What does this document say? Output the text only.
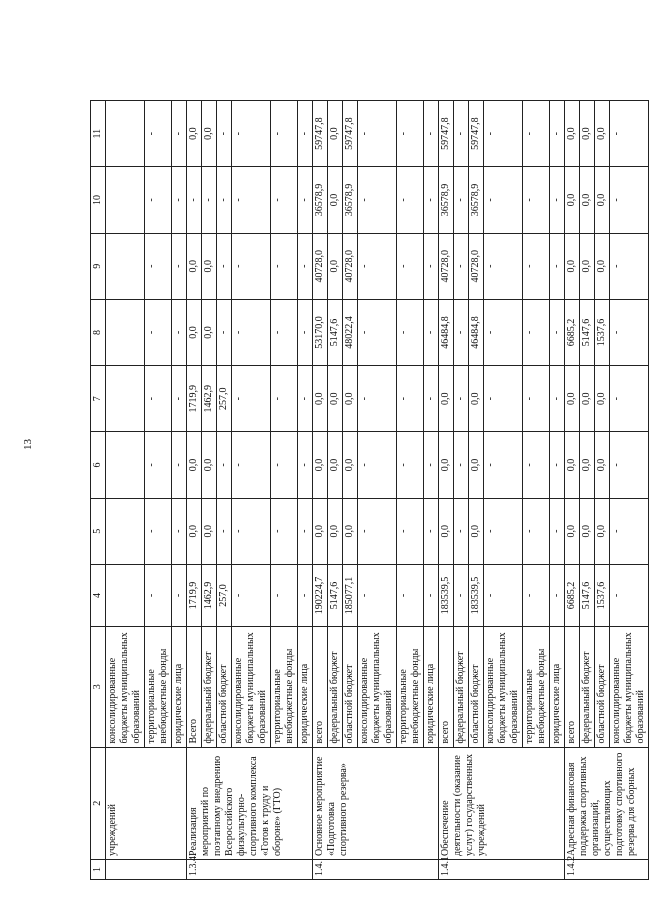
13
1	2	3	4	5	6	7	8	9	10	11
	учреждений	консолидированные бюджеты муниципальных образований								
		территориальные внебюджетные фонды	-	-	-	-	-	-	-	-
		юридические лица	-	-	-	-	-	-	-	-
1.3.4.	Реализация мероприятий по поэтапному внедрению Всероссийского физкультурно-спортивного комплекса «Готов к труду и обороне» (ГТО)	Всего	1719,9	0,0	0,0	1719,9	0,0	0,0	-	0,0
		федеральный бюджет	1462,9	0,0	0,0	1462,9	0,0	0,0	-	0,0
		областной бюджет	257,0	-	-	257,0	-	-	-	-
		консолидированные бюджеты муниципальных образований	-	-	-	-	-	-	-	-
		территориальные внебюджетные фонды	-	-	-	-	-	-	-	-
		юридические лица	-	-	-	-	-	-	-	-
1.4.	Основное мероприятие «Подготовка спортивного резерва»	всего	190224,7	0,0	0,0	0,0	53170,0	40728,0	36578,9	59747,8
		федеральный бюджет	5147,6	0,0	0,0	0,0	5147,6	0,0	0,0	0,0
		областной бюджет	185077,1	0,0	0,0	0,0	48022,4	40728,0	36578,9	59747,8
		консолидированные бюджеты муниципальных образований	-	-	-	-	-	-	-	-
		территориальные внебюджетные фонды	-	-	-	-	-	-	-	-
		юридические лица	-	-	-	-	-	-	-	-
1.4.1	Обеспечение деятельности (оказание услуг) государственных учреждений	всего	183539,5	0,0	0,0	0,0	46484,8	40728,0	36578,9	59747,8
		федеральный бюджет	-	-	-	-	-	-	-	-
		областной бюджет	183539,5	0,0	0,0	0,0	46484,8	40728,0	36578,9	59747,8
		консолидированные бюджеты муниципальных образований	-	-	-	-	-	-	-	-
		территориальные внебюджетные фонды	-	-	-	-	-	-	-	-
		юридические лица	-	-	-	-	-	-	-	-
1.4.2	Адресная финансовая поддержка спортивных организаций, осуществляющих подготовку спортивного резерва для сборных	всего	6685,2	0,0	0,0	0,0	6685,2	0,0	0,0	0,0
		федеральный бюджет	5147,6	0,0	0,0	0,0	5147,6	0,0	0,0	0,0
		областной бюджет	1537,6	0,0	0,0	0,0	1537,6	0,0	0,0	0,0
		консолидированные бюджеты муниципальных образований	-	-	-	-	-	-	-	-
